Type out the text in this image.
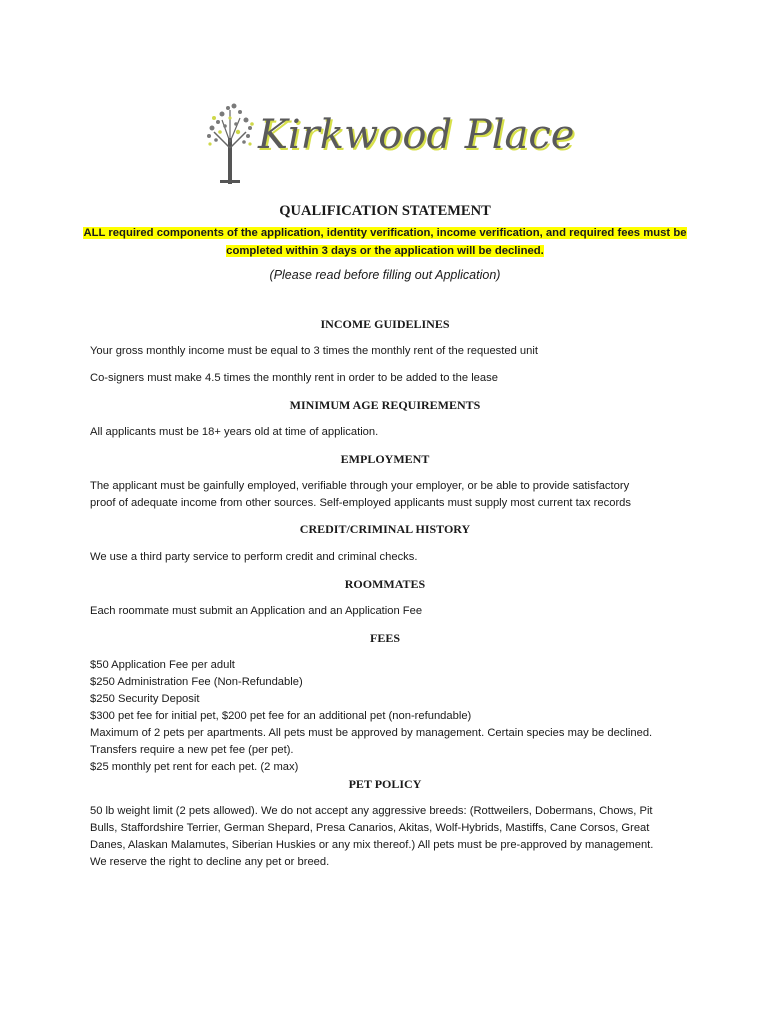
Kirkwood Place
QUALIFICATION STATEMENT
ALL required components of the application, identity verification, income verification, and required fees must be
completed within 3 days or the application will be declined.
(Please read before filling out Application)
INCOME GUIDELINES
Your gross monthly income must be equal to 3 times the monthly rent of the requested unit
Co-signers must make 4.5 times the monthly rent in order to be added to the lease
MINIMUM AGE REQUIREMENTS
All applicants must be 18+ years old at time of application.
EMPLOYMENT
The applicant must be gainfully employed, verifiable through your employer, or be able to provide satisfactory
proof of adequate income from other sources. Self-employed applicants must supply most current tax records
CREDIT/CRIMINAL HISTORY
We use a third party service to perform credit and criminal checks.
ROOMMATES
Each roommate must submit an Application and an Application Fee
FEES
$50 Application Fee per adult
$250 Administration Fee (Non-Refundable)
$250 Security Deposit
$300 pet fee for initial pet, $200 pet fee for an additional pet (non-refundable)
Maximum of 2 pets per apartments. All pets must be approved by management. Certain species may be declined.
Transfers require a new pet fee (per pet).
$25 monthly pet rent for each pet. (2 max)
PET POLICY
50 lb weight limit (2 pets allowed). We do not accept any aggressive breeds: (Rottweilers, Dobermans, Chows, Pit
Bulls, Staffordshire Terrier, German Shepard, Presa Canarios, Akitas, Wolf-Hybrids, Mastiffs, Cane Corsos, Great
Danes, Alaskan Malamutes, Siberian Huskies or any mix thereof.) All pets must be pre-approved by management.
We reserve the right to decline any pet or breed.
